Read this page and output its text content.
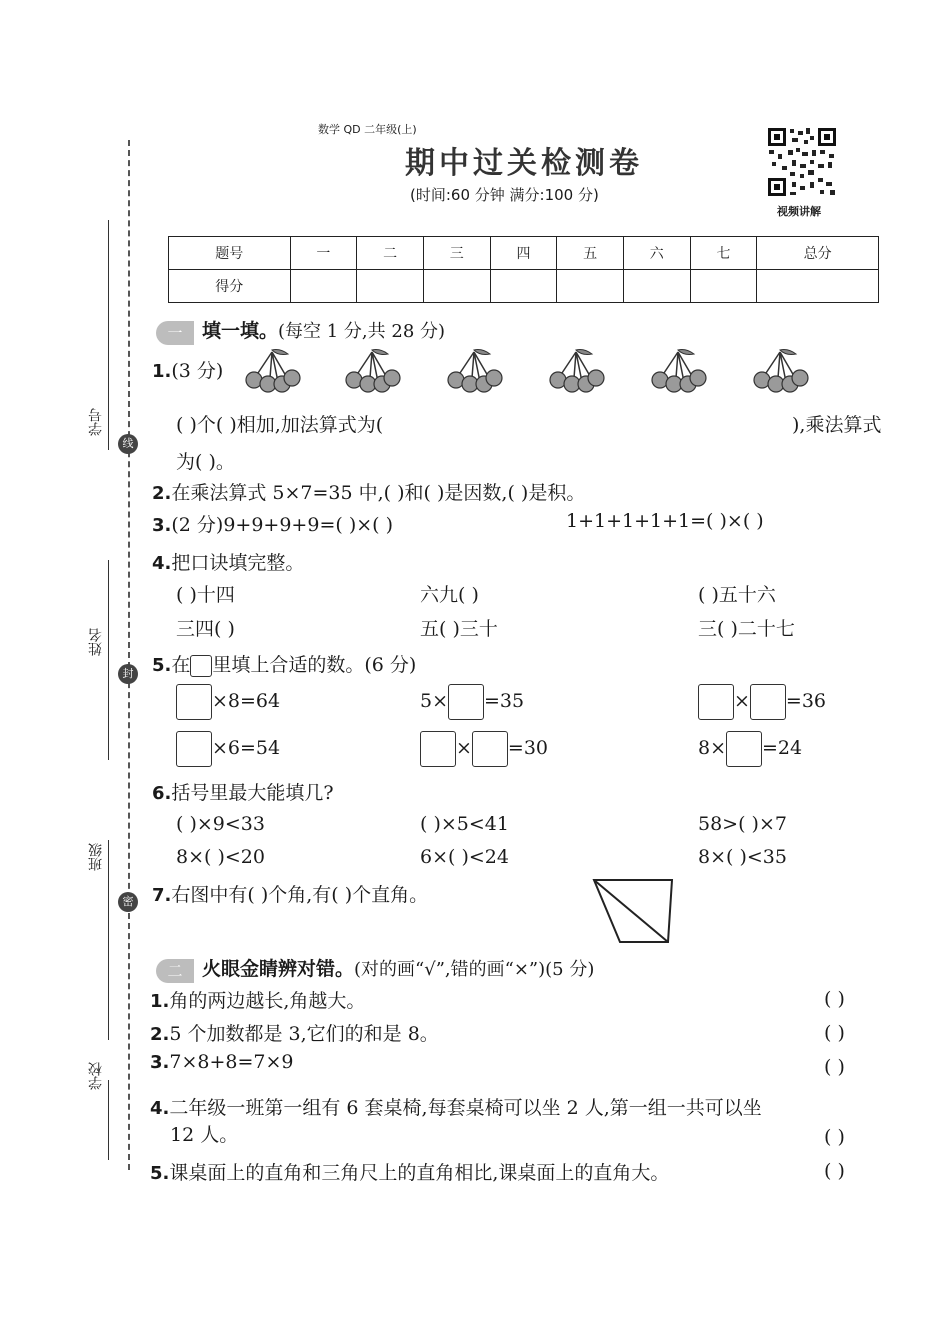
数学 QD 二年级(上)
期中过关检测卷
(时间:60 分钟 满分:100 分)
视频讲解
学号
姓名
班级
学校
线
封
密
题号	一	二	三	四	五	六	七	总分
得分								
一 填一填。(每空 1 分,共 28 分)
1.(3 分)
( )个( )相加,加法算式为(	),乘法算式
为( )。
2.在乘法算式 5×7=35 中,( )和( )是因数,( )是积。
3.(2 分)9+9+9+9=( )×( )	1+1+1+1+1=( )×( )
4.把口诀填完整。
( )十四	六九( )	( )五十六
三四( )	五( )三十	三( )二十七
5.在 里填上合适的数。(6 分)
×8=64	5× =35	× =36
×6=54	× =30	8× =24
6.括号里最大能填几?
( )×9<33	( )×5<41	58>( )×7
8×( )<20	6×( )<24	8×( )<35
7.右图中有( )个角,有( )个直角。
二 火眼金睛辨对错。(对的画“√”,错的画“×”)(5 分)
1.角的两边越长,角越大。	( )
2.5 个加数都是 3,它们的和是 8。	( )
3.7×8+8=7×9	( )
4.二年级一班第一组有 6 套桌椅,每套桌椅可以坐 2 人,第一组一共可以坐
12 人。	( )
5.课桌面上的直角和三角尺上的直角相比,课桌面上的直角大。	( )
